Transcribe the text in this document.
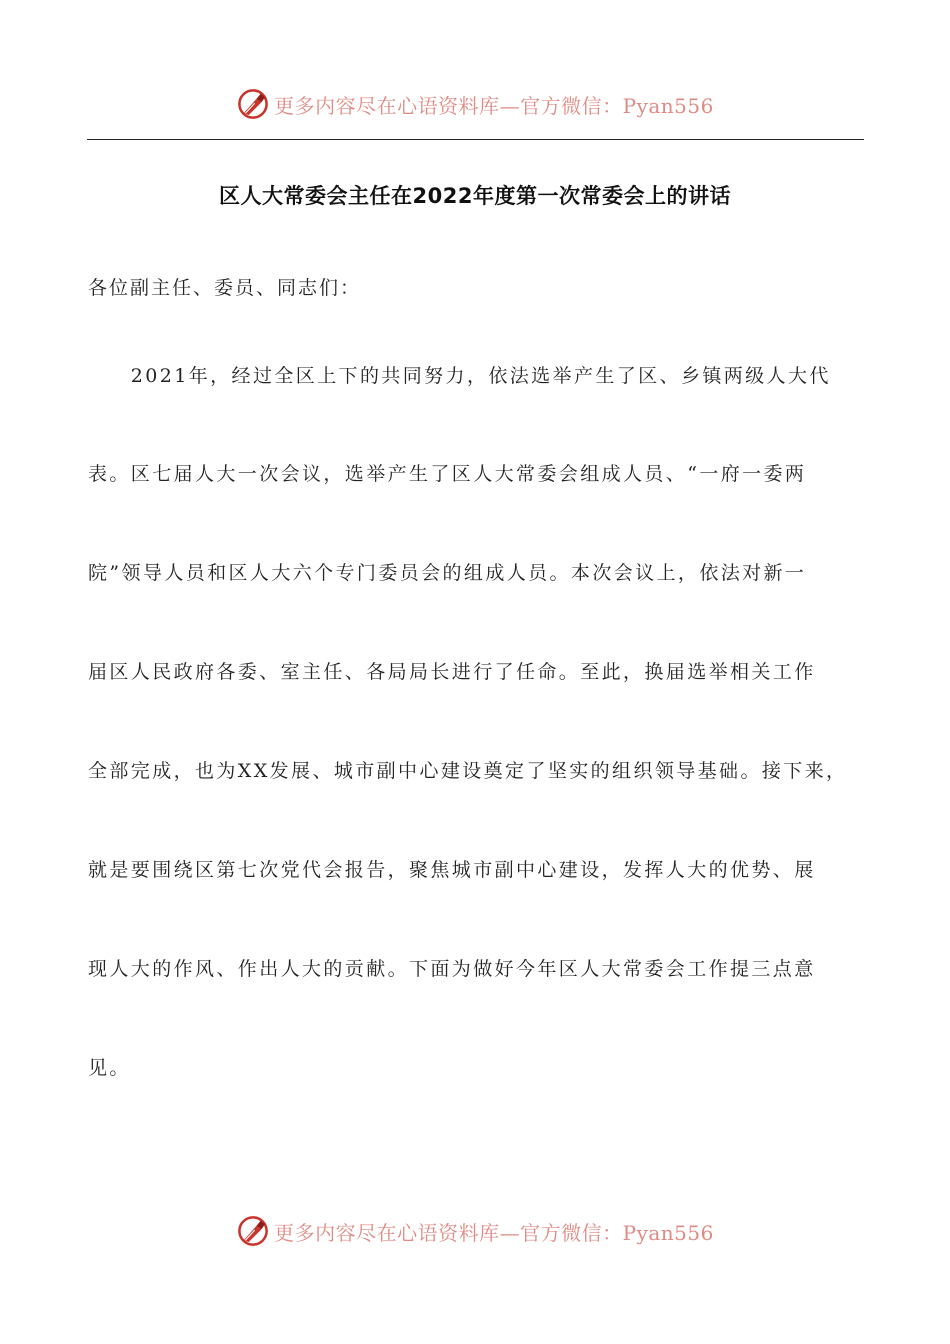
更多内容尽在心语资料库—官方微信：Pyan556
区人大常委会主任在2022年度第一次常委会上的讲话
各位副主任、委员、同志们：
　　2021年，经过全区上下的共同努力，依法选举产生了区、乡镇两级人大代
表。区七届人大一次会议，选举产生了区人大常委会组成人员、“一府一委两
院”领导人员和区人大六个专门委员会的组成人员。本次会议上，依法对新一
届区人民政府各委、室主任、各局局长进行了任命。至此，换届选举相关工作
全部完成，也为XX发展、城市副中心建设奠定了坚实的组织领导基础。接下来，
就是要围绕区第七次党代会报告，聚焦城市副中心建设，发挥人大的优势、展
现人大的作风、作出人大的贡献。下面为做好今年区人大常委会工作提三点意
见。
更多内容尽在心语资料库—官方微信：Pyan556
